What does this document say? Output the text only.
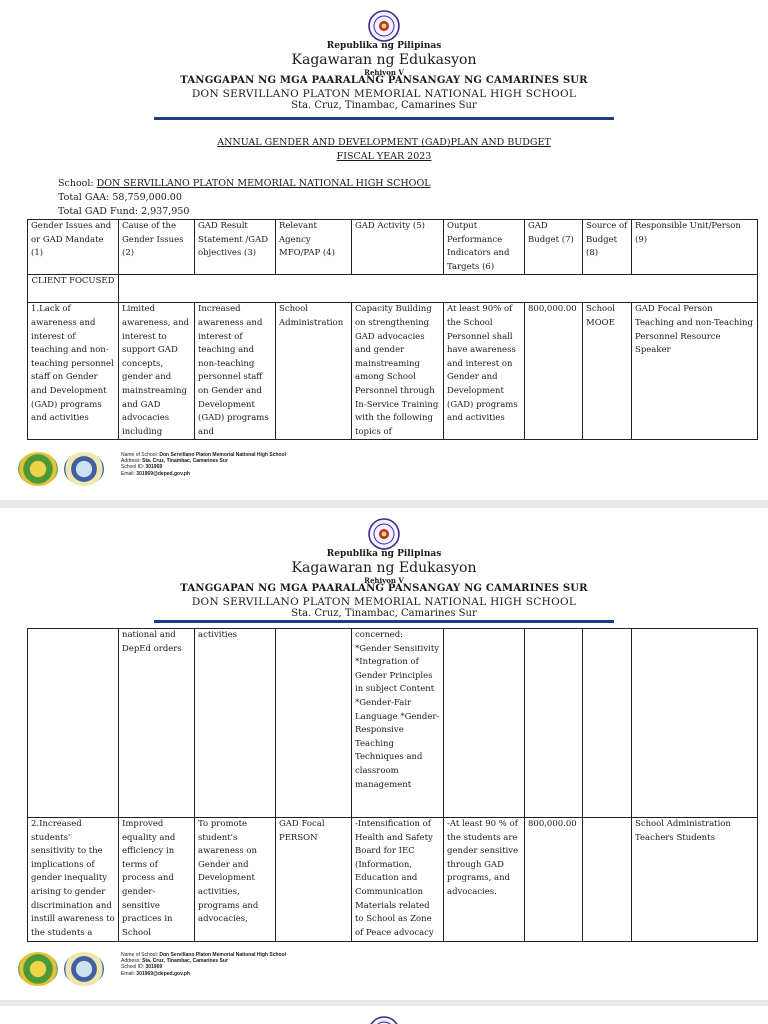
Republika ng Pilipinas
Kagawaran ng Edukasyon
Rehiyon V
TANGGAPAN NG MGA PAARALANG PANSANGAY NG CAMARINES SUR
DON SERVILLANO PLATON MEMORIAL NATIONAL HIGH SCHOOL
Sta. Cruz, Tinambac, Camarines Sur
ANNUAL GENDER AND DEVELOPMENT (GAD)PLAN AND BUDGET
FISCAL YEAR 2023
School: DON SERVILLANO PLATON MEMORIAL NATIONAL HIGH SCHOOL
Total GAA: 58,759,000.00
Total GAD Fund: 2,937,950
Gender Issues and or GAD Mandate (1)	Cause of the Gender Issues (2)	GAD Result Statement /GAD objectives (3)	Relevant Agency MFO/PAP (4)	GAD Activity (5)	Output Performance Indicators and Targets (6)	GAD Budget (7)	Source of Budget (8)	Responsible Unit/Person (9)
CLIENT FOCUSED								
1.Lack of awareness and interest of teaching and non-teaching personnel staff on Gender and Development (GAD) programs and activities	Limited awareness, and interest to support GAD concepts, gender and mainstreaming and GAD advocacies including	Increased awareness and interest of teaching and non-teaching personnel staff on Gender and Development (GAD) programs and	School Administration	Capacity Building on strengthening GAD advocacies and gender mainstreaming among School Personnel through In-Service Training with the following topics of	At least 90% of the School Personnel shall have awareness and interest on Gender and Development (GAD) programs and activities	800,000.00	School MOOE	GAD Focal Person Teaching and non-Teaching Personnel Resource Speaker
Name of School: Don Servillano Platon Memorial National High School
Address: Sta. Cruz, Tinambac, Camarines Sur
School ID: 301969
Email: 301969@deped.gov.ph
Republika ng Pilipinas
Kagawaran ng Edukasyon
Rehiyon V
TANGGAPAN NG MGA PAARALANG PANSANGAY NG CAMARINES SUR
DON SERVILLANO PLATON MEMORIAL NATIONAL HIGH SCHOOL
Sta. Cruz, Tinambac, Camarines Sur
	national and DepEd orders	activities		concerned: *Gender Sensitivity *Integration of Gender Principles in subject Content *Gender-Fair Language *Gender-Responsive Teaching Techniques and classroom management				
2.Increased students' sensitivity to the implications of gender inequality arising to gender discrimination and instill awareness to the students a	Improved equality and efficiency in terms of process and gender-sensitive practices in School	To promote student's awareness on Gender and Development activities, programs and advocacies,	GAD Focal PERSON	-Intensification of Health and Safety Board for IEC (Information, Education and Communication Materials related to School as Zone of Peace advocacy	-At least 90 % of the students are gender sensitive through GAD programs, and advocacies.	800,000.00		School Administration Teachers Students
Name of School: Don Servillano Platon Memorial National High School
Address: Sta. Cruz, Tinambac, Camarines Sur
School ID: 301969
Email: 301969@deped.gov.ph
